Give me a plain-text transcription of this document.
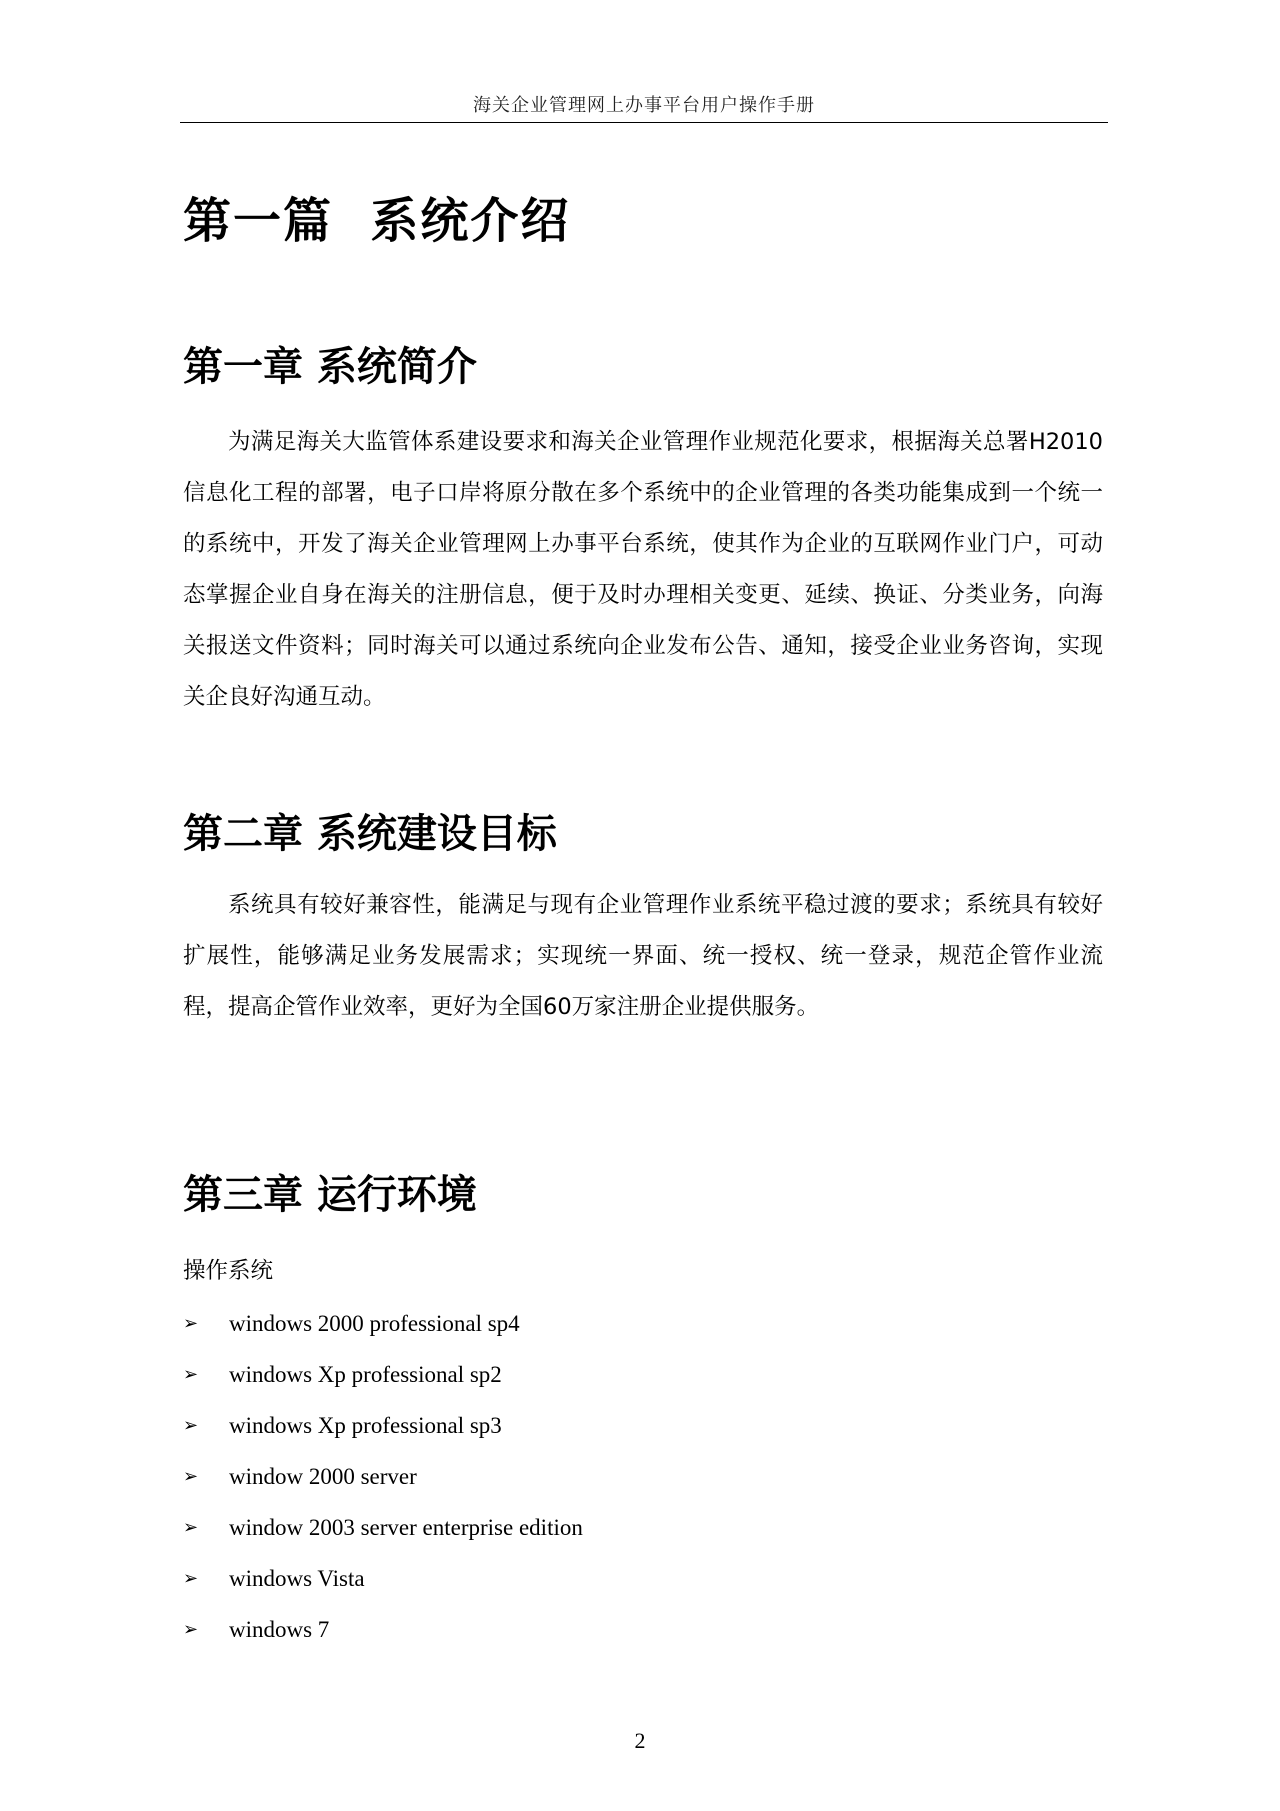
海关企业管理网上办事平台用户操作手册
第一篇  系统介绍
第一章 系统简介
为满足海关大监管体系建设要求和海关企业管理作业规范化要求，根据海关总署H2010信息化工程的部署，电子口岸将原分散在多个系统中的企业管理的各类功能集成到一个统一的系统中，开发了海关企业管理网上办事平台系统，使其作为企业的互联网作业门户，可动态掌握企业自身在海关的注册信息，便于及时办理相关变更、延续、换证、分类业务，向海关报送文件资料；同时海关可以通过系统向企业发布公告、通知，接受企业业务咨询，实现关企良好沟通互动。
第二章 系统建设目标
系统具有较好兼容性，能满足与现有企业管理作业系统平稳过渡的要求；系统具有较好扩展性，能够满足业务发展需求；实现统一界面、统一授权、统一登录，规范企管作业流程，提高企管作业效率，更好为全国60万家注册企业提供服务。
第三章 运行环境
操作系统
➢	windows 2000 professional sp4
➢	windows Xp professional sp2
➢	windows Xp professional sp3
➢	window 2000 server
➢	window 2003 server enterprise edition
➢	windows Vista
➢	windows 7
2
